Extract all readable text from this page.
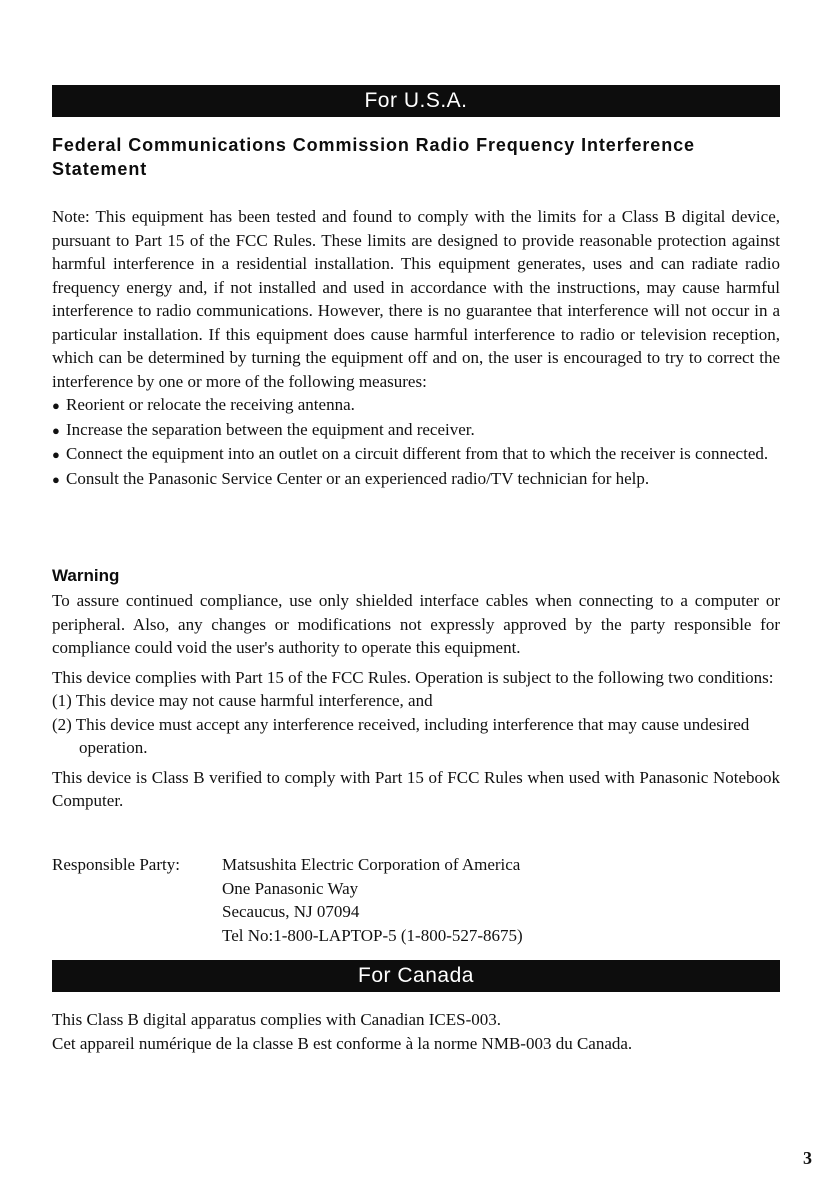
For U.S.A.
Federal Communications Commission Radio Frequency Interference Statement

Note: This equipment has been tested and found to comply with the limits for a Class B digital device, pursuant to Part 15 of the FCC Rules. These limits are designed to provide reasonable protection against harmful interference in a residential installation. This equipment generates, uses and can radiate radio frequency energy and, if not installed and used in accordance with the instructions, may cause harmful interference to radio communications. However, there is no guarantee that interference will not occur in a particular installation. If this equipment does cause harmful interference to radio or television reception, which can be determined by turning the equipment off and on, the user is encouraged to try to correct the interference by one or more of the following measures:

● Reorient or relocate the receiving antenna.
● Increase the separation between the equipment and receiver.
● Connect the equipment into an outlet on a circuit different from that to which the receiver is connected.
● Consult the Panasonic Service Center or an experienced radio/TV technician for help.
Warning

To assure continued compliance, use only shielded interface cables when connecting to a computer or peripheral. Also, any changes or modifications not expressly approved by the party responsible for compliance could void the user's authority to operate this equipment.

This device complies with Part 15 of the FCC Rules. Operation is subject to the following two conditions:

(1) This device may not cause harmful interference, and
(2) This device must accept any interference received, including interference that may cause undesired operation.

This device is Class B verified to comply with Part 15 of FCC Rules when used with Panasonic Notebook Computer.

Responsible Party:	Matsushita Electric Corporation of America
One Panasonic Way
Secaucus, NJ 07094
Tel No:1-800-LAPTOP-5 (1-800-527-8675)
For Canada

This Class B digital apparatus complies with Canadian ICES-003.

Cet appareil numérique de la classe B est conforme à la norme NMB-003 du Canada.

3
